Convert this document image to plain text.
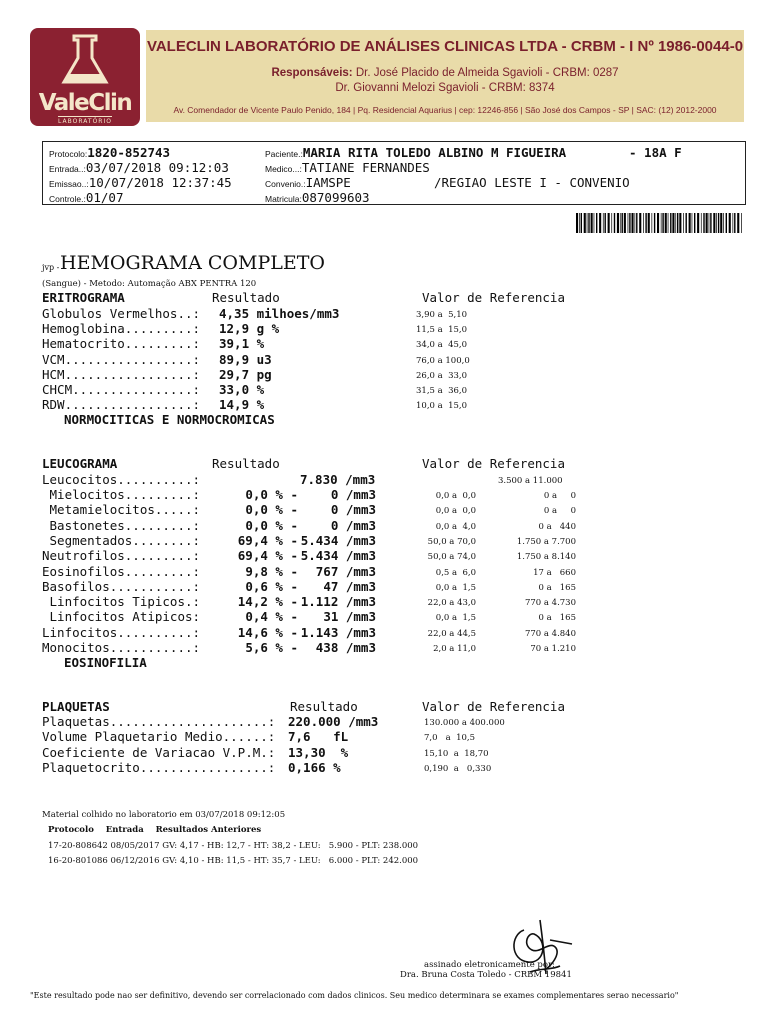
ValeClin
LABORATÓRIO
VALECLIN LABORATÓRIO DE ANÁLISES CLINICAS LTDA - CRBM - I Nº 1986-0044-0
Responsáveis: Dr. José Placido de Almeida Sgavioli - CRBM: 0287
Dr. Giovanni Melozi Sgavioli - CRBM: 8374
Av. Comendador de Vicente Paulo Penido, 184 | Pq. Residencial Aquarius | cep: 12246-856 | São José dos Campos - SP | SAC: (12) 2012-2000
Protocolo:1820-852743
Entrada..:03/07/2018 09:12:03
Emissao..:10/07/2018 12:37:45
Controle.:01/07
Paciente.:MARIA RITA TOLEDO ALBINO M FIGUEIRA	- 18A F
Medico...:TATIANE FERNANDES
Convenio.:IAMSPE	/REGIAO LESTE I - CONVENIO
Matricula:087099603
jvp - HEMOGRAMA COMPLETO
(Sangue) - Metodo: Automação ABX PENTRA 120
ERITROGRAMA	Resultado	Valor de Referencia
Globulos Vermelhos..: 4,35 milhoes/mm3	3,90 a  5,10
Hemoglobina.........: 12,9 g %	11,5 a  15,0
Hematocrito.........: 39,1 %	34,0 a  45,0
VCM.................: 89,9 u3	76,0 a 100,0
HCM.................: 29,7 pg	26,0 a  33,0
CHCM................: 33,0 %	31,5 a  36,0
RDW.................: 14,9 %	10,0 a  15,0
NORMOCITICAS E NORMOCROMICAS
LEUCOGRAMA	Resultado	Valor de Referencia
Leucocitos..........:	7.830 /mm3	3.500 a 11.000
Mielocitos.........:	0,0 % -	0 /mm3	0,0 a  0,0	0 a     0
Metamielocitos.....:	0,0 % -	0 /mm3	0,0 a  0,0	0 a     0
Bastonetes.........:	0,0 % -	0 /mm3	0,0 a  4,0	0 a   440
Segmentados........:	69,4 % - 5.434 /mm3	50,0 a 70,0	1.750 a 7.700
Neutrofilos.........:	69,4 % - 5.434 /mm3	50,0 a 74,0	1.750 a 8.140
Eosinofilos.........:	9,8 % -	767 /mm3	0,5 a  6,0	17 a   660
Basofilos...........:	0,6 % -	47 /mm3	0,0 a  1,5	0 a   165
Linfocitos Tipicos.:	14,2 % - 1.112 /mm3	22,0 a 43,0	770 a 4.730
Linfocitos Atipicos:	0,4 % -	31 /mm3	0,0 a  1,5	0 a   165
Linfocitos..........:	14,6 % - 1.143 /mm3	22,0 a 44,5	770 a 4.840
Monocitos...........:	5,6 % -	438 /mm3	2,0 a 11,0	70 a 1.210
EOSINOFILIA
PLAQUETAS	Resultado	Valor de Referencia
Plaquetas.....................: 220.000 /mm3	130.000 a 400.000
Volume Plaquetario Medio......: 7,6   fL	7,0   a  10,5
Coeficiente de Variacao V.P.M.: 13,30  %	15,10  a  18,70
Plaquetocrito.................: 0,166 %	0,190  a   0,330
Material colhido no laboratorio em 03/07/2018 09:12:05
Protocolo    Entrada    Resultados Anteriores
17-20-808642 08/05/2017 GV: 4,17 - HB: 12,7 - HT: 38,2 - LEU:   5.900 - PLT: 238.000
16-20-801086 06/12/2016 GV: 4,10 - HB: 11,5 - HT: 35,7 - LEU:   6.000 - PLT: 242.000
assinado eletronicamente por:
Dra. Bruna Costa Toledo - CRBM 19841
"Este resultado pode nao ser definitivo, devendo ser correlacionado com dados clinicos. Seu medico determinara se exames complementares serao necessario"
